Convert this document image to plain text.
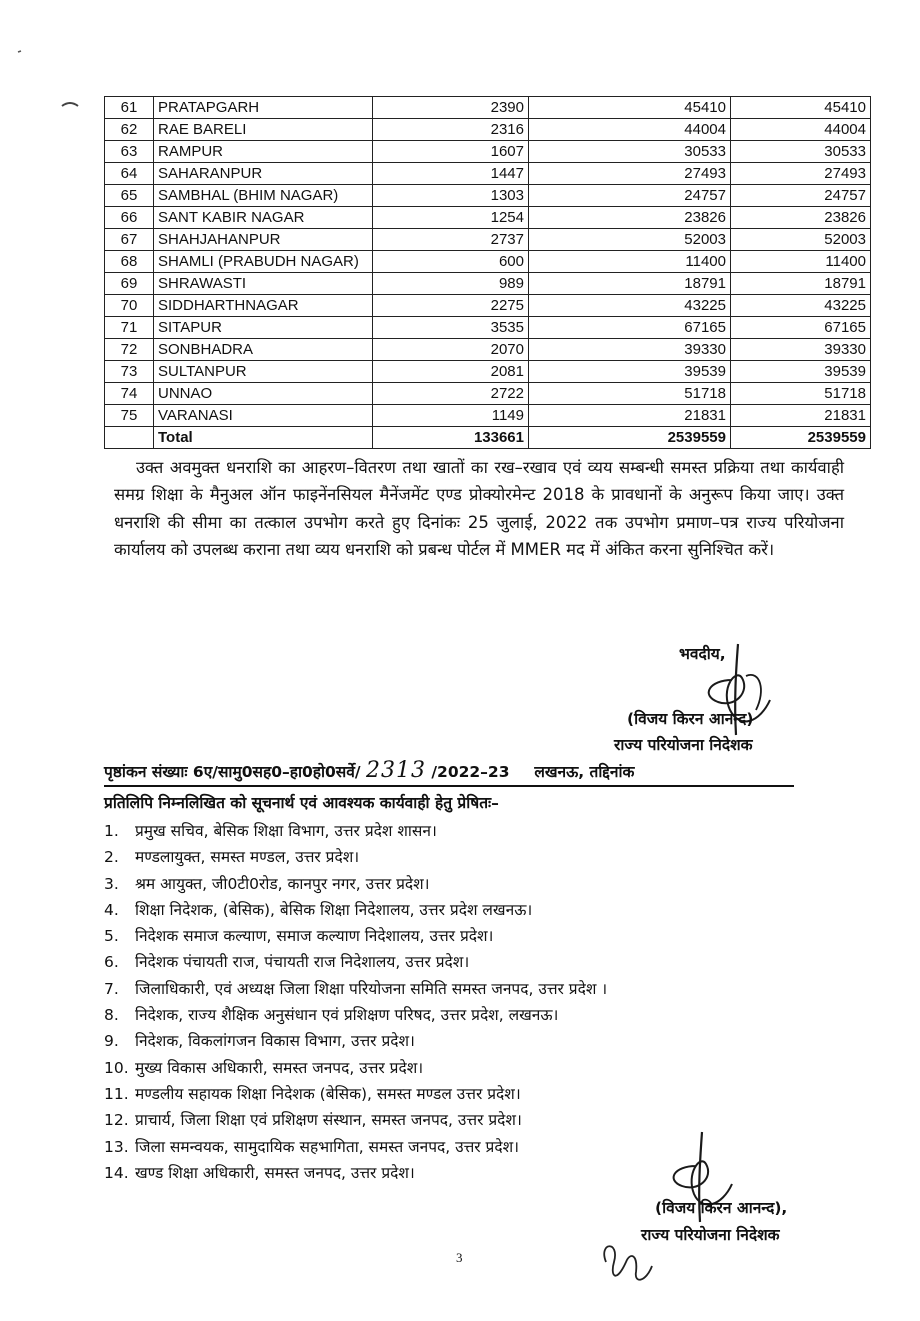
61	PRATAPGARH	2390	45410	45410
62	RAE BARELI	2316	44004	44004
63	RAMPUR	1607	30533	30533
64	SAHARANPUR	1447	27493	27493
65	SAMBHAL (BHIM NAGAR)	1303	24757	24757
66	SANT KABIR NAGAR	1254	23826	23826
67	SHAHJAHANPUR	2737	52003	52003
68	SHAMLI (PRABUDH NAGAR)	600	11400	11400
69	SHRAWASTI	989	18791	18791
70	SIDDHARTHNAGAR	2275	43225	43225
71	SITAPUR	3535	67165	67165
72	SONBHADRA	2070	39330	39330
73	SULTANPUR	2081	39539	39539
74	UNNAO	2722	51718	51718
75	VARANASI	1149	21831	21831
	Total	133661	2539559	2539559
उक्त अवमुक्त धनराशि का आहरण–वितरण तथा खातों का रख–रखाव एवं व्यय सम्बन्धी समस्त प्रक्रिया तथा कार्यवाही समग्र शिक्षा के मैनुअल ऑन फाइनेंनसियल मैनेंजमेंट एण्ड प्रोक्योरमेन्ट 2018 के प्रावधानों के अनुरूप किया जाए। उक्त धनराशि की सीमा का तत्काल उपभोग करते हुए दिनांकः 25 जुलाई, 2022 तक उपभोग प्रमाण–पत्र राज्य परियोजना कार्यालय को उपलब्ध कराना तथा व्यय धनराशि को प्रबन्ध पोर्टल में MMER मद में अंकित करना सुनिश्चित करें।
भवदीय,
(विजय किरन आनन्द)
राज्य परियोजना निदेशक
पृष्ठांकन संख्याः 6ए/सामु0सह0–हा0हो0सर्वे/ 2313 /2022–23 लखनऊ, तद्दिनांक
प्रतिलिपि निम्नलिखित को सूचनार्थ एवं आवश्यक कार्यवाही हेतु प्रेषितः–
1. प्रमुख सचिव, बेसिक शिक्षा विभाग, उत्तर प्रदेश शासन।
2. मण्डलायुक्त, समस्त मण्डल, उत्तर प्रदेश।
3. श्रम आयुक्त, जी0टी0रोड, कानपुर नगर, उत्तर प्रदेश।
4. शिक्षा निदेशक, (बेसिक), बेसिक शिक्षा निदेशालय, उत्तर प्रदेश लखनऊ।
5. निदेशक समाज कल्याण, समाज कल्याण निदेशालय, उत्तर प्रदेश।
6. निदेशक पंचायती राज, पंचायती राज निदेशालय, उत्तर प्रदेश।
7. जिलाधिकारी, एवं अध्यक्ष जिला शिक्षा परियोजना समिति समस्त जनपद, उत्तर प्रदेश ।
8. निदेशक, राज्य शैक्षिक अनुसंधान एवं प्रशिक्षण परिषद, उत्तर प्रदेश, लखनऊ।
9. निदेशक, विकलांगजन विकास विभाग, उत्तर प्रदेश।
10. मुख्य विकास अधिकारी, समस्त जनपद, उत्तर प्रदेश।
11. मण्डलीय सहायक शिक्षा निदेशक (बेसिक), समस्त मण्डल उत्तर प्रदेश।
12. प्राचार्य, जिला शिक्षा एवं प्रशिक्षण संस्थान, समस्त जनपद, उत्तर प्रदेश।
13. जिला समन्वयक, सामुदायिक सहभागिता, समस्त जनपद, उत्तर प्रदेश।
14. खण्ड शिक्षा अधिकारी, समस्त जनपद, उत्तर प्रदेश।
(विजय किरन आनन्द),
राज्य परियोजना निदेशक
3
